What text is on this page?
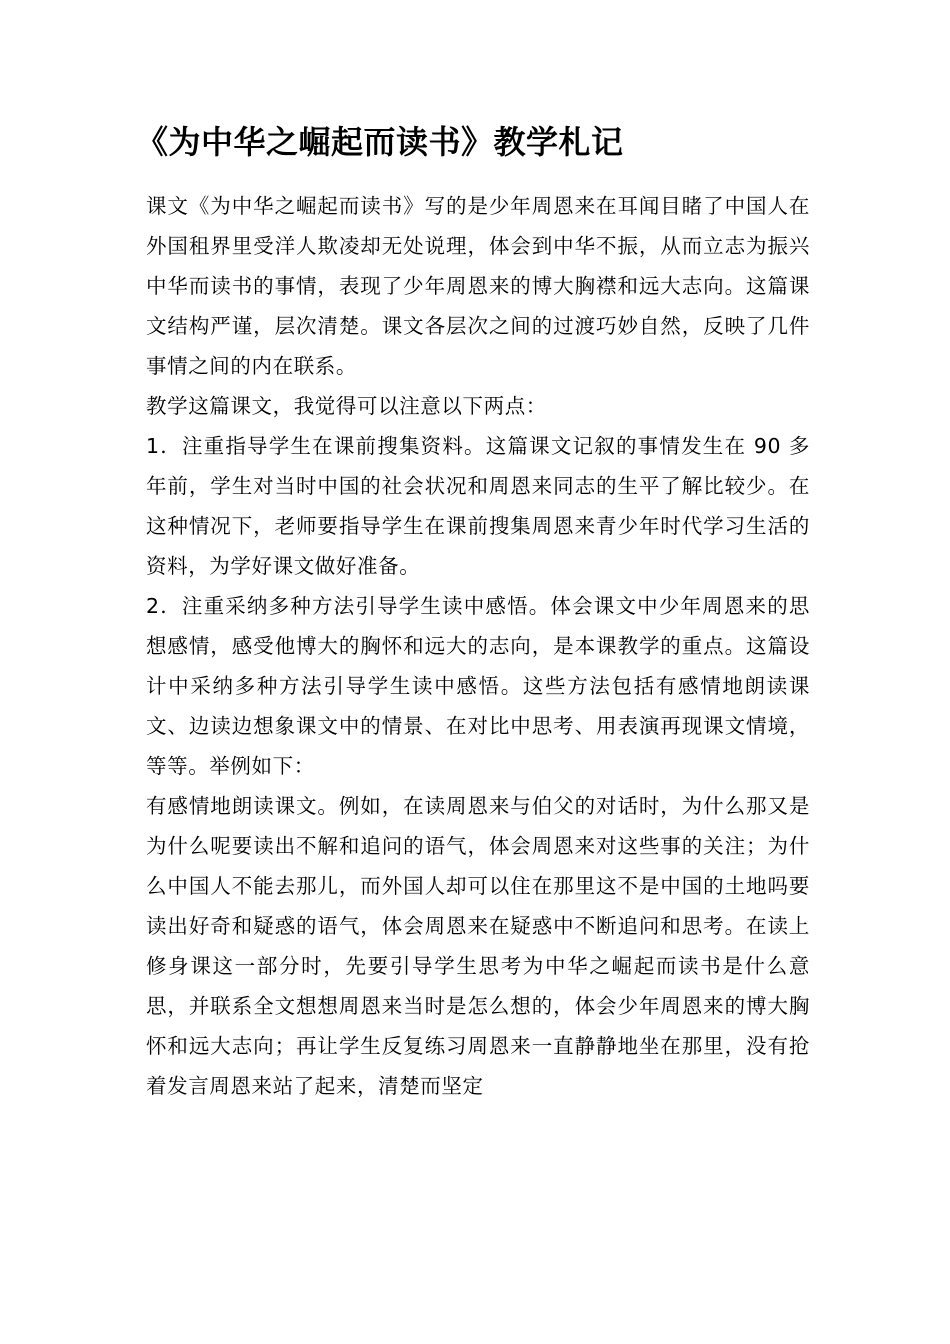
《为中华之崛起而读书》教学札记

课文《为中华之崛起而读书》写的是少年周恩来在耳闻目睹了中国人在外国租界里受洋人欺凌却无处说理，体会到中华不振，从而立志为振兴中华而读书的事情，表现了少年周恩来的博大胸襟和远大志向。这篇课文结构严谨，层次清楚。课文各层次之间的过渡巧妙自然，反映了几件事情之间的内在联系。

教学这篇课文，我觉得可以注意以下两点：

1．注重指导学生在课前搜集资料。这篇课文记叙的事情发生在 90 多年前，学生对当时中国的社会状况和周恩来同志的生平了解比较少。在这种情况下，老师要指导学生在课前搜集周恩来青少年时代学习生活的资料，为学好课文做好准备。

2．注重采纳多种方法引导学生读中感悟。体会课文中少年周恩来的思想感情，感受他博大的胸怀和远大的志向，是本课教学的重点。这篇设计中采纳多种方法引导学生读中感悟。这些方法包括有感情地朗读课文、边读边想象课文中的情景、在对比中思考、用表演再现课文情境，等等。举例如下：

有感情地朗读课文。例如，在读周恩来与伯父的对话时，为什么那又是为什么呢要读出不解和追问的语气，体会周恩来对这些事的关注；为什么中国人不能去那儿，而外国人却可以住在那里这不是中国的土地吗要读出好奇和疑惑的语气，体会周恩来在疑惑中不断追问和思考。在读上修身课这一部分时，先要引导学生思考为中华之崛起而读书是什么意思，并联系全文想想周恩来当时是怎么想的，体会少年周恩来的博大胸怀和远大志向；再让学生反复练习周恩来一直静静地坐在那里，没有抢着发言周恩来站了起来，清楚而坚定
